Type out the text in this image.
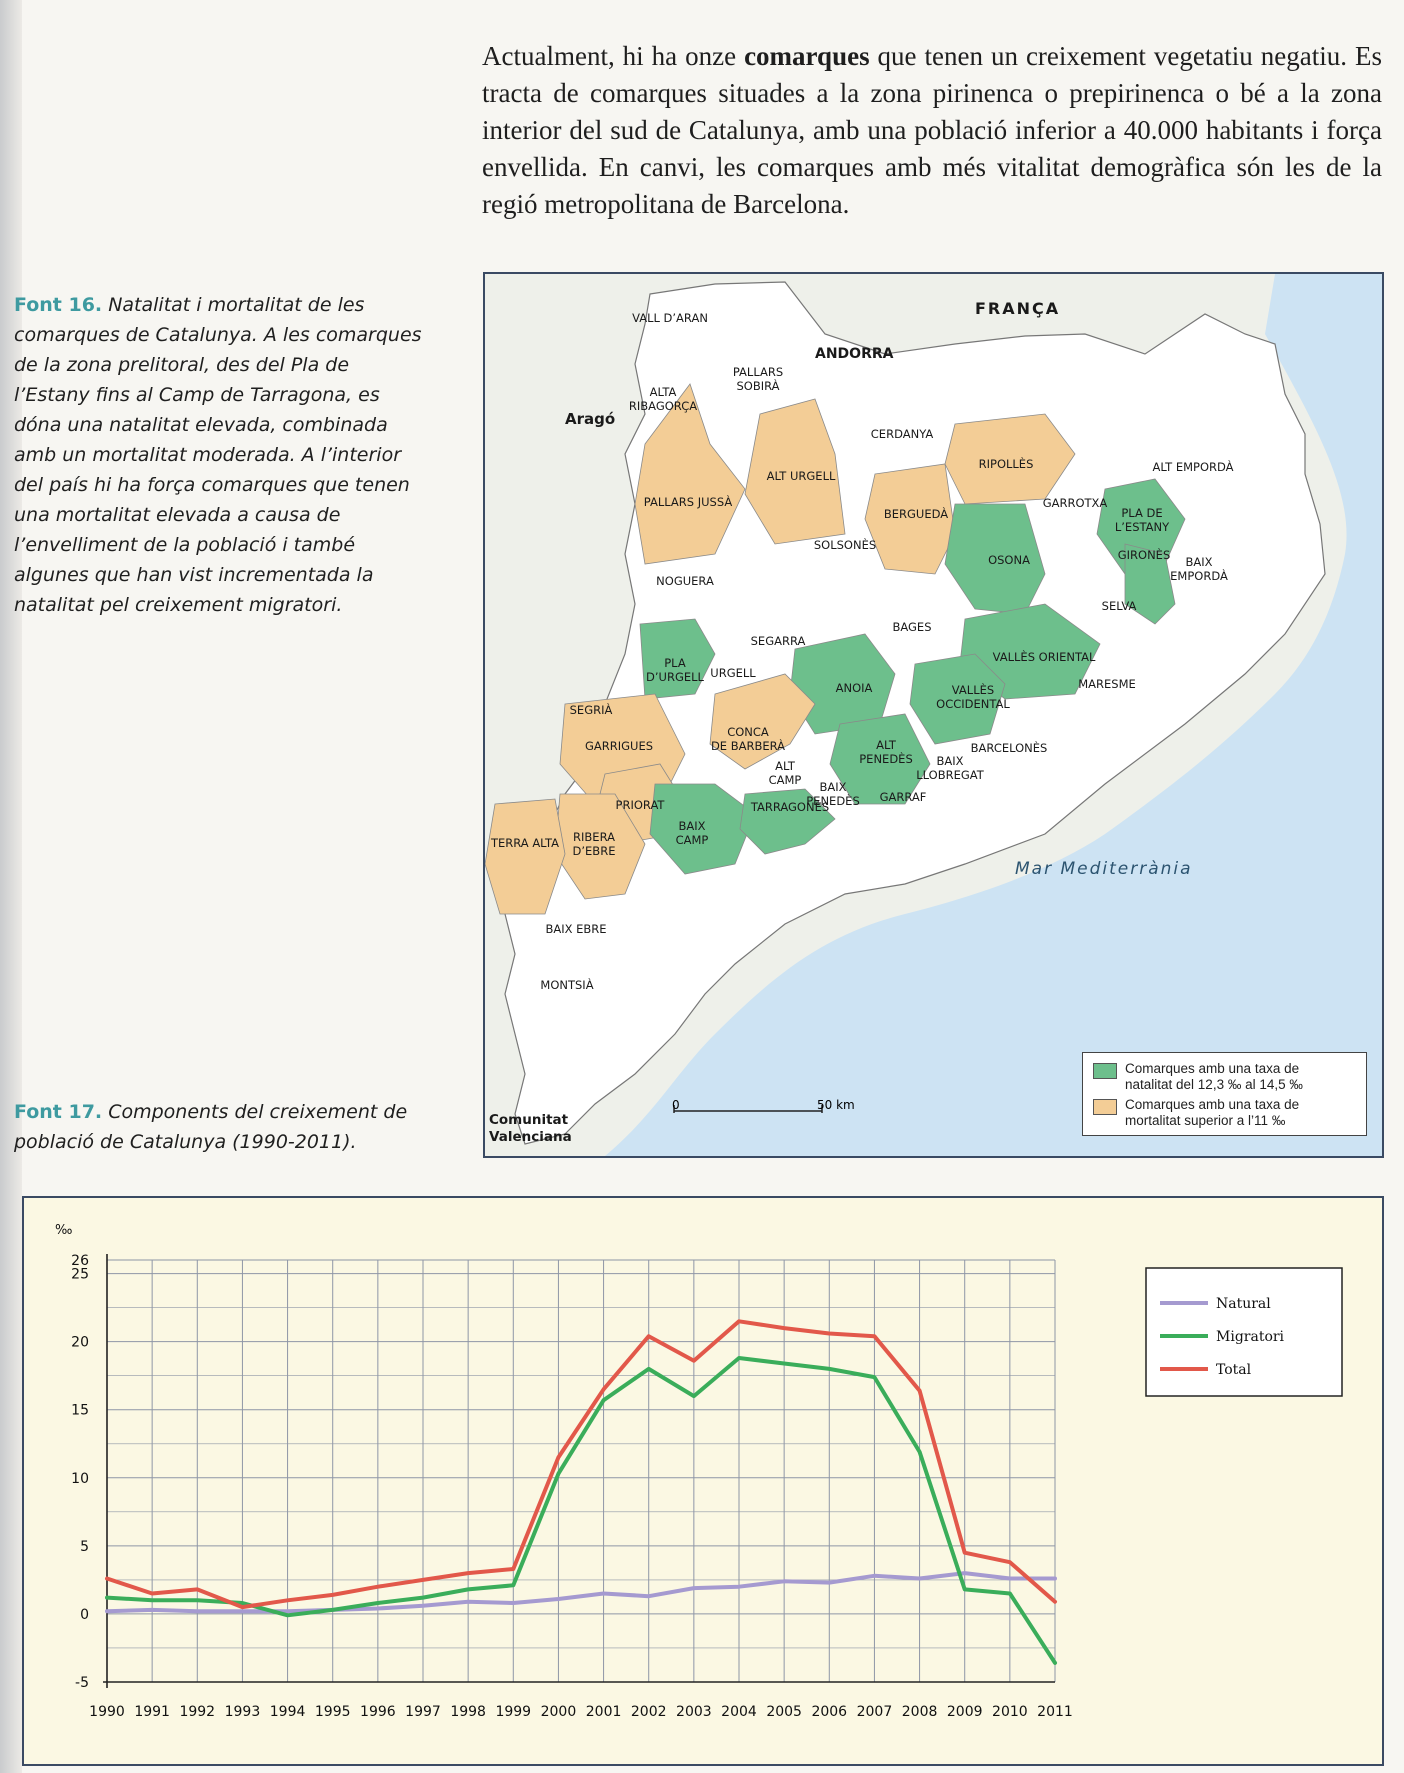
Actualment, hi ha onze comarques que tenen un creixement vegetatiu negatiu. Es tracta de comarques situades a la zona pirinenca o prepirinenca o bé a la zona interior del sud de Catalunya, amb una població inferior a 40.000 habitants i força envellida. En canvi, les comarques amb més vitalitat demogràfica són les de la regió metropolitana de Barcelona.

Font 16. Natalitat i mortalitat de les comarques de Catalunya. A les comarques de la zona prelitoral, des del Pla de l’Estany fins al Camp de Tarragona, es dóna una natalitat elevada, combinada amb un mortalitat moderada. A l’interior del país hi ha força comarques que tenen una mortalitat elevada a causa de l’envelliment de la població i també algunes que han vist incrementada la natalitat pel creixement migratori.
Font 17. Components del creixement de població de Catalunya (1990-2011).
VALL D’ARAN
PALLARS
SOBIRÀ
ALTA
RIBAGORÇA
CERDANYA
RIPOLLÈS	ALT EMPORDÀ
ALT URGELL
PALLARS JUSSÀ	GARROTXA
PLA DE
L’ESTANY
BERGUEDÀ
GIRONÈS
SOLSONÈS
BAIX
EMPORDÀ
OSONA
NOGUERA
SELVA
BAGES
SEGARRA
PLA
D’URGELL URGELL
VALLÈS ORIENTAL
MARESME
ANOIA	VALLÈS
OCCIDENTAL
SEGRIÀ
CONCA
DE BARBERÀ
GARRIGUES	ALT
PENEDÈS
BARCELONÈS
ALT
CAMP
BAIX
LLOBREGAT
BAIX
PENEDÈS GARRAF
PRIORAT
RIBERA
D’EBRE
BAIX
CAMP
TARRAGONÈS
TERRA ALTA
BAIX EBRE
MONTSIÀ
FRANÇA
ANDORRA
Aragó
Mar Mediterrània
Comunitat
Valenciana
0	50 km
Comarques amb una taxa de
natalitat del 12,3 ‰ al 14,5 ‰
Comarques amb una taxa de
mortalitat superior a l’11 ‰
1990 1991 1992 1993 1994 1995 1996 1997 1998 1999 2000 2001 2002 2003 2004 2005 2006 2007 2008 2009 2010 2011
26
25
20
15
10
5
0
-5
‰
Natural
Migratori
Total
